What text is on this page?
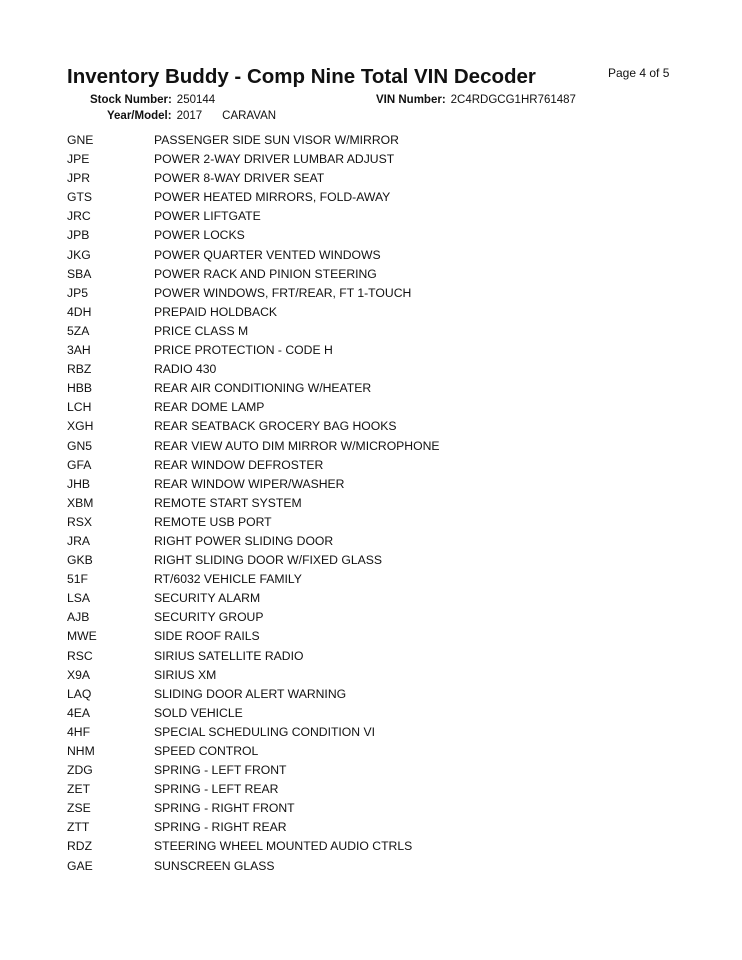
Page 4 of 5
Inventory Buddy - Comp Nine Total VIN Decoder
Stock Number: 250144	VIN Number: 2C4RDGCG1HR761487
Year/Model: 2017 CARAVAN
GNE	PASSENGER SIDE SUN VISOR W/MIRROR
JPE	POWER 2-WAY DRIVER LUMBAR ADJUST
JPR	POWER 8-WAY DRIVER SEAT
GTS	POWER HEATED MIRRORS, FOLD-AWAY
JRC	POWER LIFTGATE
JPB	POWER LOCKS
JKG	POWER QUARTER VENTED WINDOWS
SBA	POWER RACK AND PINION STEERING
JP5	POWER WINDOWS, FRT/REAR, FT 1-TOUCH
4DH	PREPAID HOLDBACK
5ZA	PRICE CLASS M
3AH	PRICE PROTECTION - CODE H
RBZ	RADIO 430
HBB	REAR AIR CONDITIONING W/HEATER
LCH	REAR DOME LAMP
XGH	REAR SEATBACK GROCERY BAG HOOKS
GN5	REAR VIEW AUTO DIM MIRROR W/MICROPHONE
GFA	REAR WINDOW DEFROSTER
JHB	REAR WINDOW WIPER/WASHER
XBM	REMOTE START SYSTEM
RSX	REMOTE USB PORT
JRA	RIGHT POWER SLIDING DOOR
GKB	RIGHT SLIDING DOOR W/FIXED GLASS
51F	RT/6032 VEHICLE FAMILY
LSA	SECURITY ALARM
AJB	SECURITY GROUP
MWE	SIDE ROOF RAILS
RSC	SIRIUS SATELLITE RADIO
X9A	SIRIUS XM
LAQ	SLIDING DOOR ALERT WARNING
4EA	SOLD VEHICLE
4HF	SPECIAL SCHEDULING CONDITION VI
NHM	SPEED CONTROL
ZDG	SPRING - LEFT FRONT
ZET	SPRING - LEFT REAR
ZSE	SPRING - RIGHT FRONT
ZTT	SPRING - RIGHT REAR
RDZ	STEERING WHEEL MOUNTED AUDIO CTRLS
GAE	SUNSCREEN GLASS
